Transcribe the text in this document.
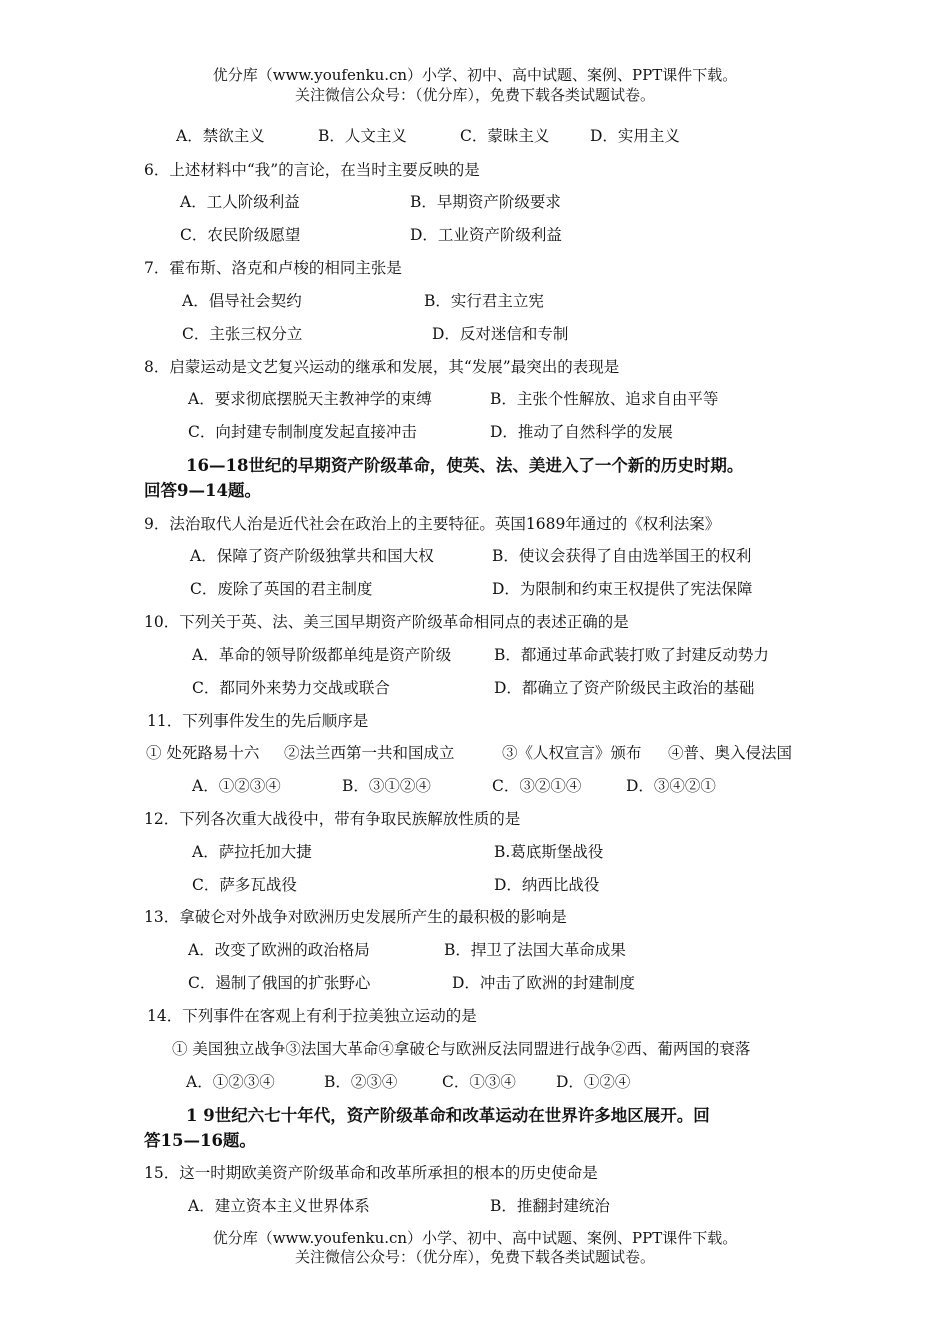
优分库（www.youfenku.cn）小学、初中、高中试题、案例、PPT课件下载。
关注微信公众号：（优分库），免费下载各类试题试卷。
A．禁欲主义	B．人文主义	C．蒙昧主义	D．实用主义
6．上述材料中“我”的言论，在当时主要反映的是
A．工人阶级利益	B．早期资产阶级要求
C．农民阶级愿望	D．工业资产阶级利益
7．霍布斯、洛克和卢梭的相同主张是
A．倡导社会契约	B．实行君主立宪
C．主张三权分立	D．反对迷信和专制
8．启蒙运动是文艺复兴运动的继承和发展，其“发展”最突出的表现是
A．要求彻底摆脱天主教神学的束缚	B．主张个性解放、追求自由平等
C．向封建专制制度发起直接冲击	D．推动了自然科学的发展
16—18世纪的早期资产阶级革命，使英、法、美进入了一个新的历史时期。
回答9—14题。
9．法治取代人治是近代社会在政治上的主要特征。英国1689年通过的《权利法案》
A．保障了资产阶级独掌共和国大权	B．使议会获得了自由选举国王的权利
C．废除了英国的君主制度	D．为限制和约束王权提供了宪法保障
10．下列关于英、法、美三国早期资产阶级革命相同点的表述正确的是
A．革命的领导阶级都单纯是资产阶级	B．都通过革命武装打败了封建反动势力
C．都同外来势力交战或联合	D．都确立了资产阶级民主政治的基础
11．下列事件发生的先后顺序是
① 处死路易十六 ②法兰西第一共和国成立	③《人权宣言》颁布 ④普、奥入侵法国
A．①②③④	B．③①②④	C．③②①④	D．③④②①
12．下列各次重大战役中，带有争取民族解放性质的是
A．萨拉托加大捷	B.葛底斯堡战役
C．萨多瓦战役	D．纳西比战役
13．拿破仑对外战争对欧洲历史发展所产生的最积极的影响是
A．改变了欧洲的政治格局	B．捍卫了法国大革命成果
C．遏制了俄国的扩张野心	D．冲击了欧洲的封建制度
14．下列事件在客观上有利于拉美独立运动的是
① 美国独立战争③法国大革命④拿破仑与欧洲反法同盟进行战争②西、葡两国的衰落
A．①②③④	B．②③④	C．①③④	D．①②④
1 9世纪六七十年代，资产阶级革命和改革运动在世界许多地区展开。回
答15—16题。
15．这一时期欧美资产阶级革命和改革所承担的根本的历史使命是
A．建立资本主义世界体系	B．推翻封建统治
优分库（www.youfenku.cn）小学、初中、高中试题、案例、PPT课件下载。
关注微信公众号：（优分库），免费下载各类试题试卷。
